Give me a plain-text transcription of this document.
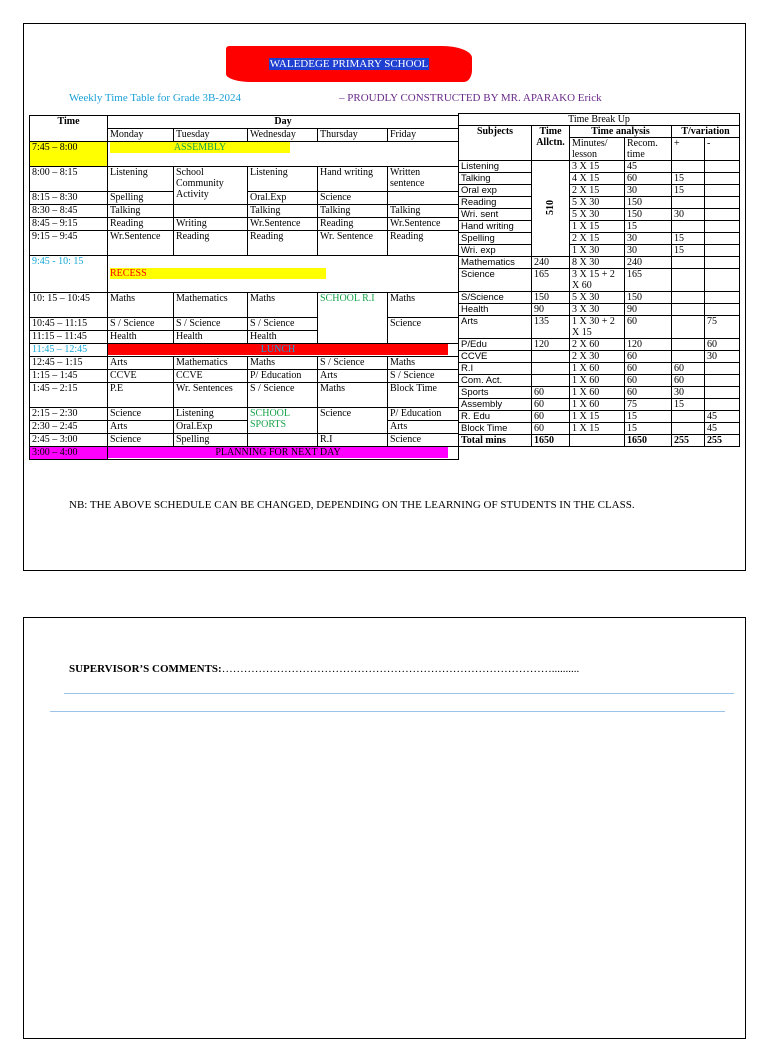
WALEDEGE PRIMARY SCHOOL
Weekly Time Table for Grade 3B-2024	– PROUDLY CONSTRUCTED BY MR. APARAKO Erick
Time	Day				
	Monday	Tuesday	Wednesday	Thursday	Friday
7:45 – 8:00	ASSEMBLY				

8:00 – 8:15	Listening	School Community Activity	Listening	Hand writing	Written sentence
8:15 – 8:30	Spelling		Oral.Exp	Science	
8:30 – 8:45	Talking		Talking	Talking	Talking
8:45 – 9:15	Reading	Writing	Wr.Sentence	Reading	Wr.Sentence
9:15 – 9:45	Wr.Sentence	Reading	Reading	Wr. Sentence	Reading
9:45 - 10: 15	RECESS				

10: 15 – 10:45	Maths	Mathematics	Maths	SCHOOL R.I	Maths
10:45 – 11:15	S / Science	S / Science	S / Science		Science
11:15 – 11:45	Health	Health	Health		
11:45 – 12:45	LUNCH				

12:45 – 1:15	Arts	Mathematics	Maths	S / Science	Maths
1:15 – 1:45	CCVE	CCVE	P/ Education	Arts	S / Science
1:45 – 2:15	P.E	Wr. Sentences	S / Science	Maths	Block Time
2:15 – 2:30	Science	Listening	SCHOOL SPORTS	Science	P/ Education
2:30 – 2:45	Arts	Oral.Exp			Arts
2:45 – 3:00	Science	Spelling		R.I	Science
3:00 – 4:00	PLANNING FOR NEXT DAY				
Time Break Up					
Subjects	Time Allctn.	Time analysis		T/variation	
		Minutes/ lesson	Recom. time	+	-
Listening	510	3 X 15	45		
Talking		4 X 15	60	15	
Oral exp		2 X 15	30	15	
Reading		5 X 30	150		
Wri. sent		5 X 30	150	30	
Hand writing		1 X 15	15		
Spelling		2 X 15	30	15	
Wri. exp		1 X 30	30	15	
Mathematics	240	8 X 30	240		
Science	165	3 X 15 + 2 X 60	165		
S/Science	150	5 X 30	150		
Health	90	3 X 30	90		
Arts	135	1 X 30 + 2 X 15	60		75
P/Edu	120	2 X 60	120		60
CCVE		2 X 30	60		30
R.I		1 X 60	60	60	
Com. Act.		1 X 60	60	60	
Sports	60	1 X 60	60	30	
Assembly	60	1 X 60	75	15	
R. Edu	60	1 X 15	15		45
Block Time	60	1 X 15	15		45
Total mins	1650		1650	255	255
NB: THE ABOVE SCHEDULE CAN BE CHANGED, DEPENDING ON THE LEARNING OF STUDENTS IN THE CLASS.
SUPERVISOR’S COMMENTS:………………………………………………………………………………..........
